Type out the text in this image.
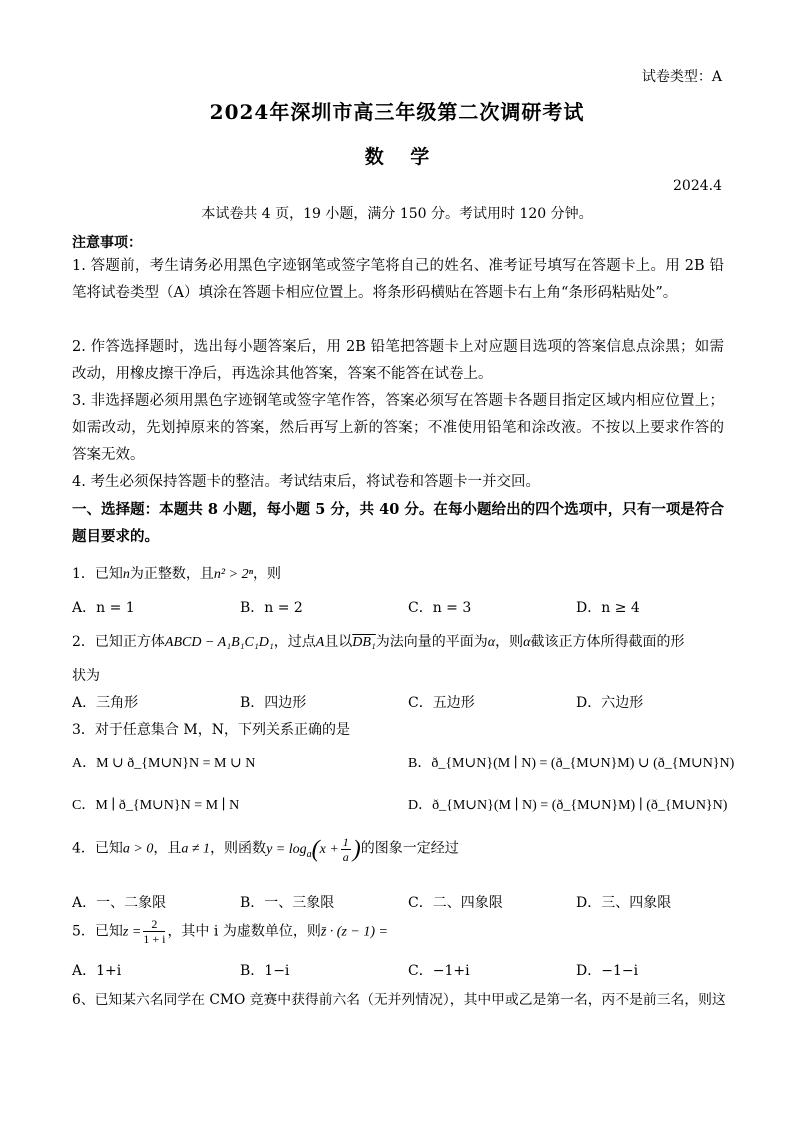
试卷类型：A
2024年深圳市高三年级第二次调研考试
数    学
2024.4
本试卷共 4 页，19 小题，满分 150 分。考试用时 120 分钟。
注意事项：
1. 答题前，考生请务必用黑色字迹钢笔或签字笔将自己的姓名、准考证号填写在答题卡上。用 2B 铅笔将试卷类型（A）填涂在答题卡相应位置上。将条形码横贴在答题卡右上角“条形码粘贴处”。
2. 作答选择题时，选出每小题答案后，用 2B 铅笔把答题卡上对应题目选项的答案信息点涂黑；如需改动，用橡皮擦干净后，再选涂其他答案，答案不能答在试卷上。
3. 非选择题必须用黑色字迹钢笔或签字笔作答，答案必须写在答题卡各题目指定区域内相应位置上；如需改动，先划掉原来的答案，然后再写上新的答案；不准使用铅笔和涂改液。不按以上要求作答的答案无效。
4. 考生必须保持答题卡的整洁。考试结束后，将试卷和答题卡一并交回。
一、选择题：本题共 8 小题，每小题 5 分，共 40 分。在每小题给出的四个选项中，只有一项是符合题目要求的。
1．已知n为正整数，且n² > 2ⁿ，则
A．n = 1	B．n = 2	C．n = 3	D．n ≥ 4
2．已知正方体ABCD − A₁B₁C₁D₁，过点A且以DB₁为法向量的平面为α，则α截该正方体所得截面的形
状为
A．三角形	B．四边形	C．五边形	D．六边形
3．对于任意集合 M，N，下列关系正确的是
A．M ∪ ð_{M∪N}N = M ∪ N	B．ð_{M∪N}(M ∣ N) = (ð_{M∪N}M) ∪ (ð_{M∪N}N)
C．M ∣ ð_{M∪N}N = M ∣ N	D．ð_{M∪N}(M ∣ N) = (ð_{M∪N}M) ∣ (ð_{M∪N}N)
4．已知a > 0，且a ≠ 1，则函数$y = \log_a(x + \frac{1}{a}$ )的图象一定经过
A．一、二象限	B．一、三象限	C．二、四象限	D．三、四象限
5．已知$z = \frac{2}{1 + i}$ ，其中 i 为虚数单位，则z̄ · (z − 1) =
A．1+i	B．1−i	C．−1+i	D．−1−i
6、已知某六名同学在 CMO 竞赛中获得前六名（无并列情况），其中甲或乙是第一名，丙不是前三名，则这
